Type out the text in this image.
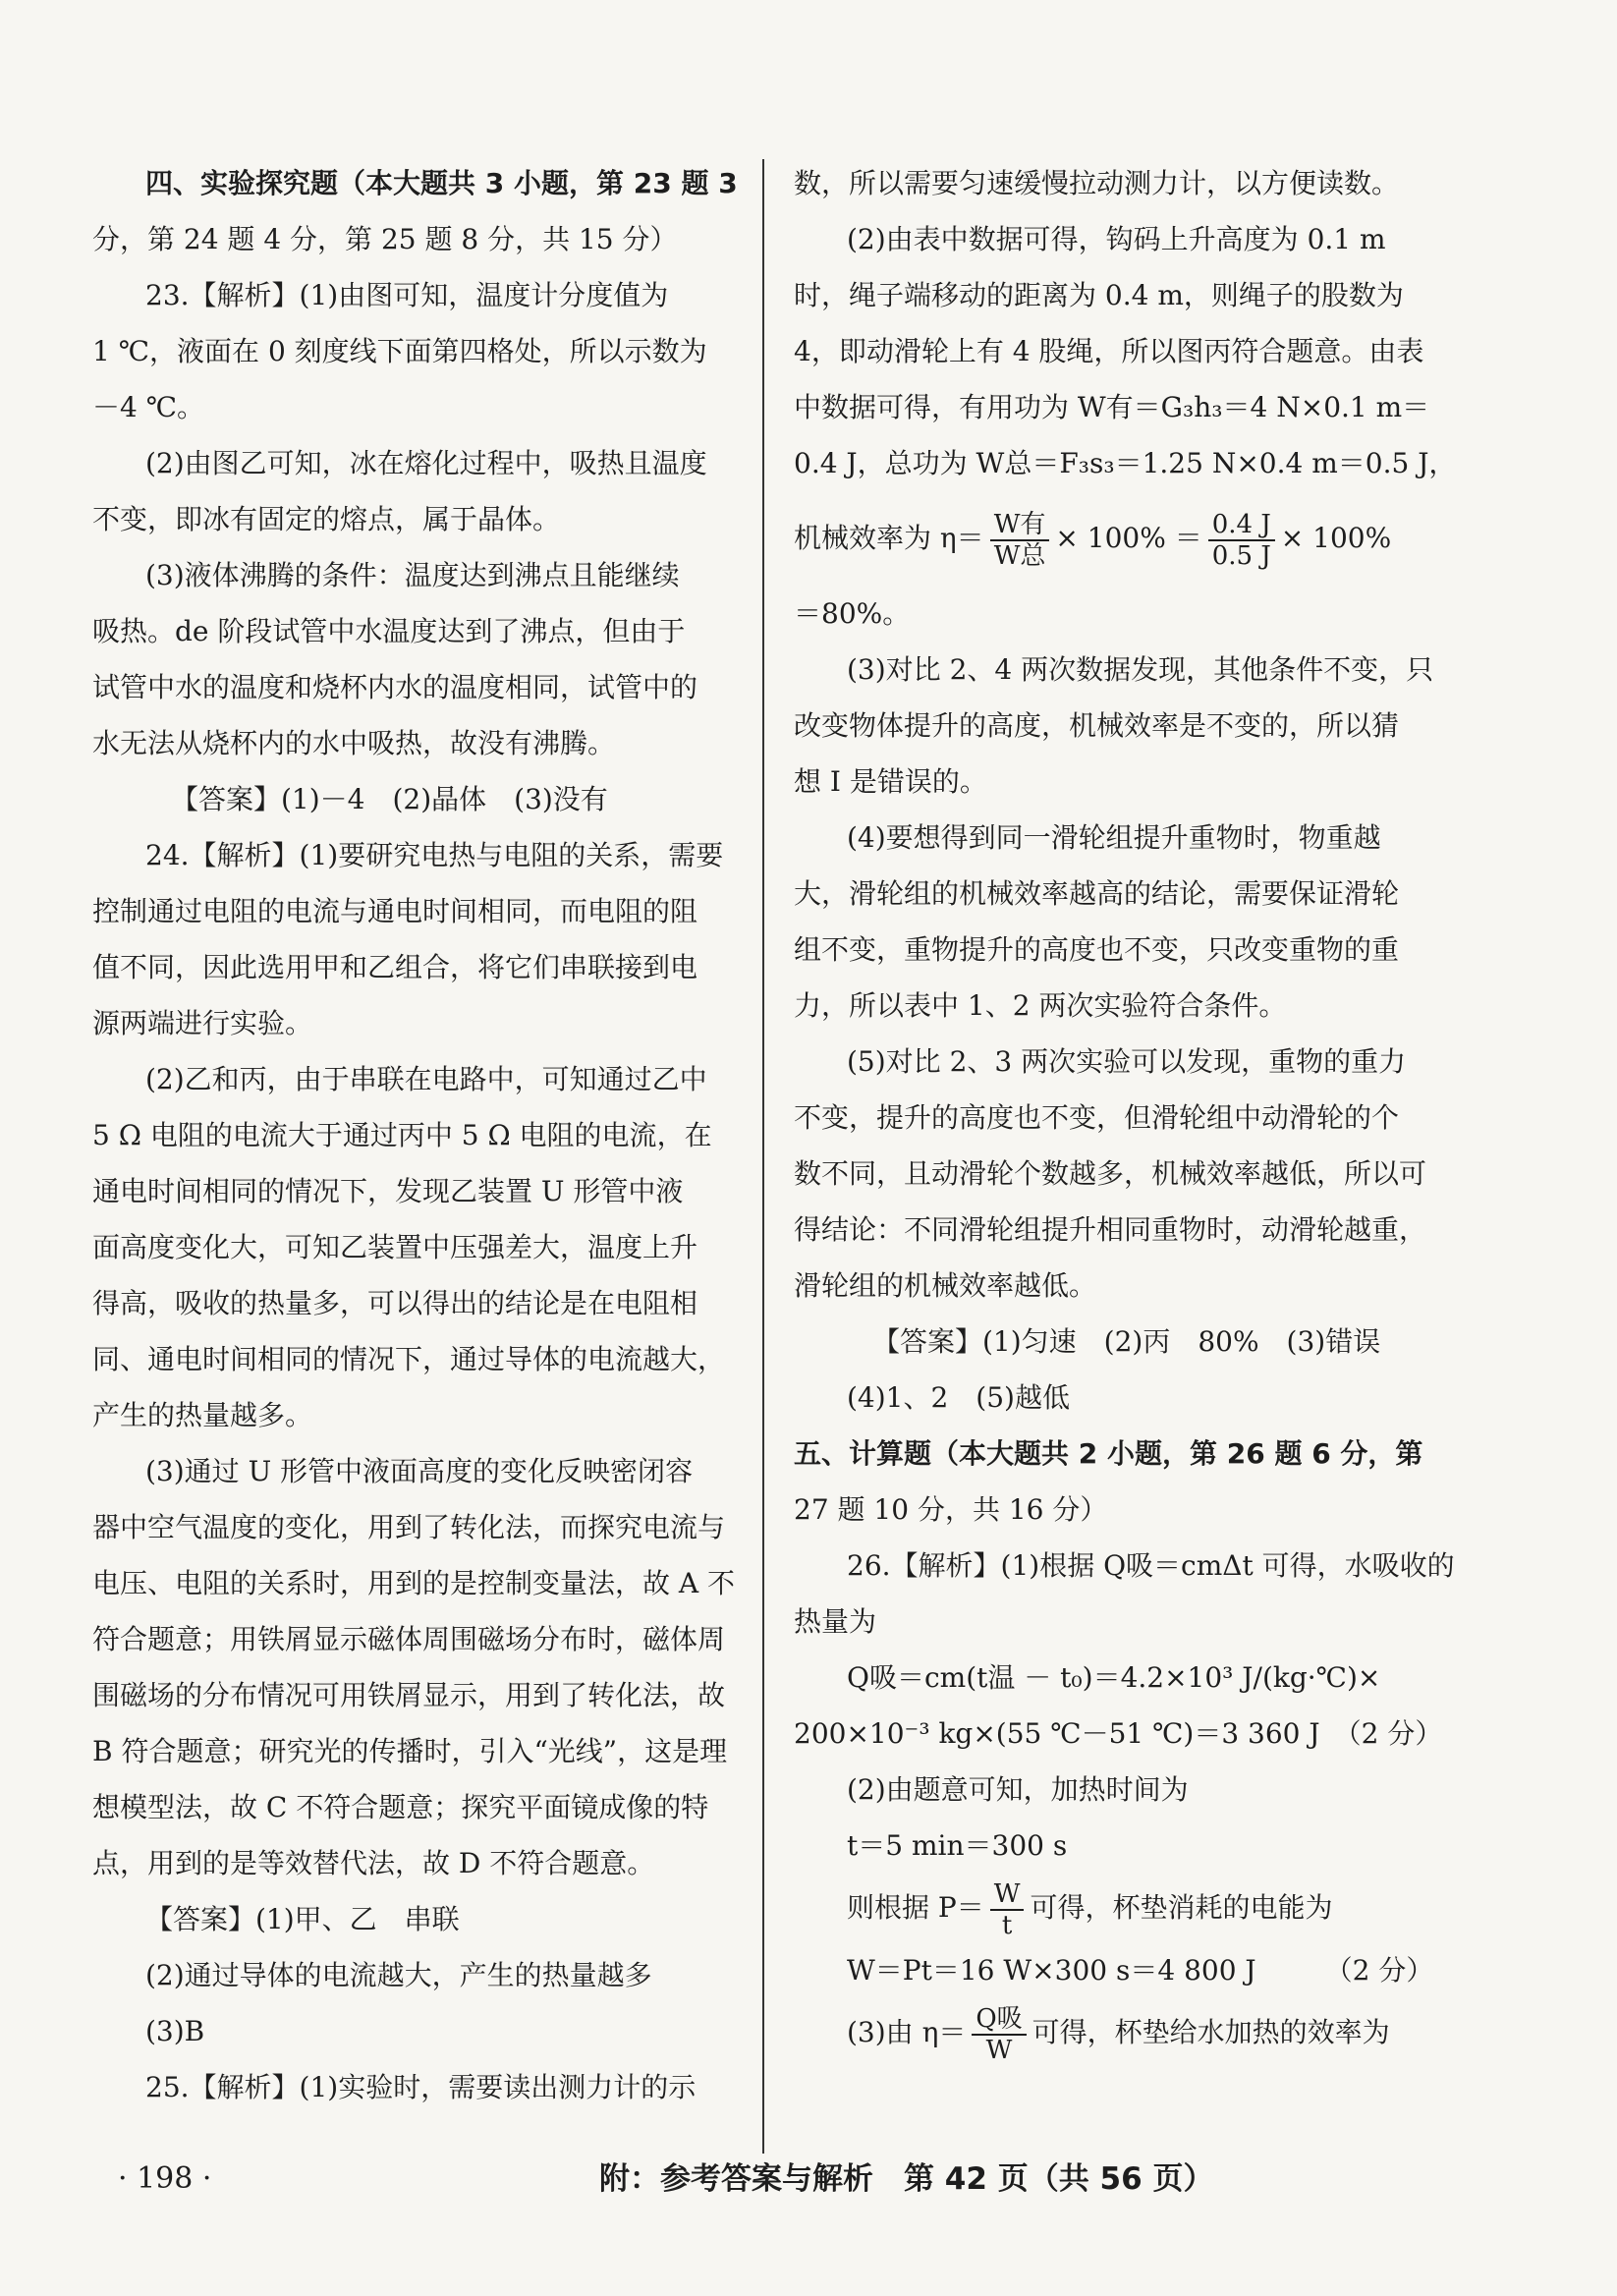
四、实验探究题（本大题共 3 小题，第 23 题 3
分，第 24 题 4 分，第 25 题 8 分，共 15 分）
23.【解析】(1)由图可知，温度计分度值为
1 ℃，液面在 0 刻度线下面第四格处，所以示数为
－4 ℃。
(2)由图乙可知，冰在熔化过程中，吸热且温度
不变，即冰有固定的熔点，属于晶体。
(3)液体沸腾的条件：温度达到沸点且能继续
吸热。de 阶段试管中水温度达到了沸点，但由于
试管中水的温度和烧杯内水的温度相同，试管中的
水无法从烧杯内的水中吸热，故没有沸腾。
【答案】(1)－4　(2)晶体　(3)没有
24.【解析】(1)要研究电热与电阻的关系，需要
控制通过电阻的电流与通电时间相同，而电阻的阻
值不同，因此选用甲和乙组合，将它们串联接到电
源两端进行实验。
(2)乙和丙，由于串联在电路中，可知通过乙中
5 Ω 电阻的电流大于通过丙中 5 Ω 电阻的电流，在
通电时间相同的情况下，发现乙装置 U 形管中液
面高度变化大，可知乙装置中压强差大，温度上升
得高，吸收的热量多，可以得出的结论是在电阻相
同、通电时间相同的情况下，通过导体的电流越大，
产生的热量越多。
(3)通过 U 形管中液面高度的变化反映密闭容
器中空气温度的变化，用到了转化法，而探究电流与
电压、电阻的关系时，用到的是控制变量法，故 A 不
符合题意；用铁屑显示磁体周围磁场分布时，磁体周
围磁场的分布情况可用铁屑显示，用到了转化法，故
B 符合题意；研究光的传播时，引入“光线”，这是理
想模型法，故 C 不符合题意；探究平面镜成像的特
点，用到的是等效替代法，故 D 不符合题意。
【答案】(1)甲、乙　串联
(2)通过导体的电流越大，产生的热量越多
(3)B
25.【解析】(1)实验时，需要读出测力计的示
数，所以需要匀速缓慢拉动测力计，以方便读数。
(2)由表中数据可得，钩码上升高度为 0.1 m
时，绳子端移动的距离为 0.4 m，则绳子的股数为
4，即动滑轮上有 4 股绳，所以图丙符合题意。由表
中数据可得，有用功为 W有＝G₃h₃＝4 N×0.1 m＝
0.4 J，总功为 W总＝F₃s₃＝1.25 N×0.4 m＝0.5 J，
机械效率为 $\eta= \frac{\text{W有}}{\text{W总}} \times 100\% = \frac{0.4 J}{0.5 J} \times 100\%$
＝80%。
(3)对比 2、4 两次数据发现，其他条件不变，只
改变物体提升的高度，机械效率是不变的，所以猜
想 Ⅰ 是错误的。
(4)要想得到同一滑轮组提升重物时，物重越
大，滑轮组的机械效率越高的结论，需要保证滑轮
组不变，重物提升的高度也不变，只改变重物的重
力，所以表中 1、2 两次实验符合条件。
(5)对比 2、3 两次实验可以发现，重物的重力
不变，提升的高度也不变，但滑轮组中动滑轮的个
数不同，且动滑轮个数越多，机械效率越低，所以可
得结论：不同滑轮组提升相同重物时，动滑轮越重，
滑轮组的机械效率越低。
【答案】(1)匀速　(2)丙　80%　(3)错误
(4)1、2　(5)越低
五、计算题（本大题共 2 小题，第 26 题 6 分，第
27 题 10 分，共 16 分）
26.【解析】(1)根据 Q吸＝cmΔt 可得，水吸收的
热量为
Q吸＝cm(t温 － t₀)＝4.2×10³ J/(kg·℃)×
200×10⁻³ kg×(55 ℃－51 ℃)＝3 360 J　（2 分）
(2)由题意可知，加热时间为
t＝5 min＝300 s
则根据 $P= \frac{W}{t}$ 可得，杯垫消耗的电能为
W＝Pt＝16 W×300 s＝4 800 J　　　（2 分）
(3)由 $\eta= \frac{\text{Q吸}}{W}$ 可得，杯垫给水加热的效率为
· 198 ·	附：参考答案与解析　第 42 页（共 56 页）
